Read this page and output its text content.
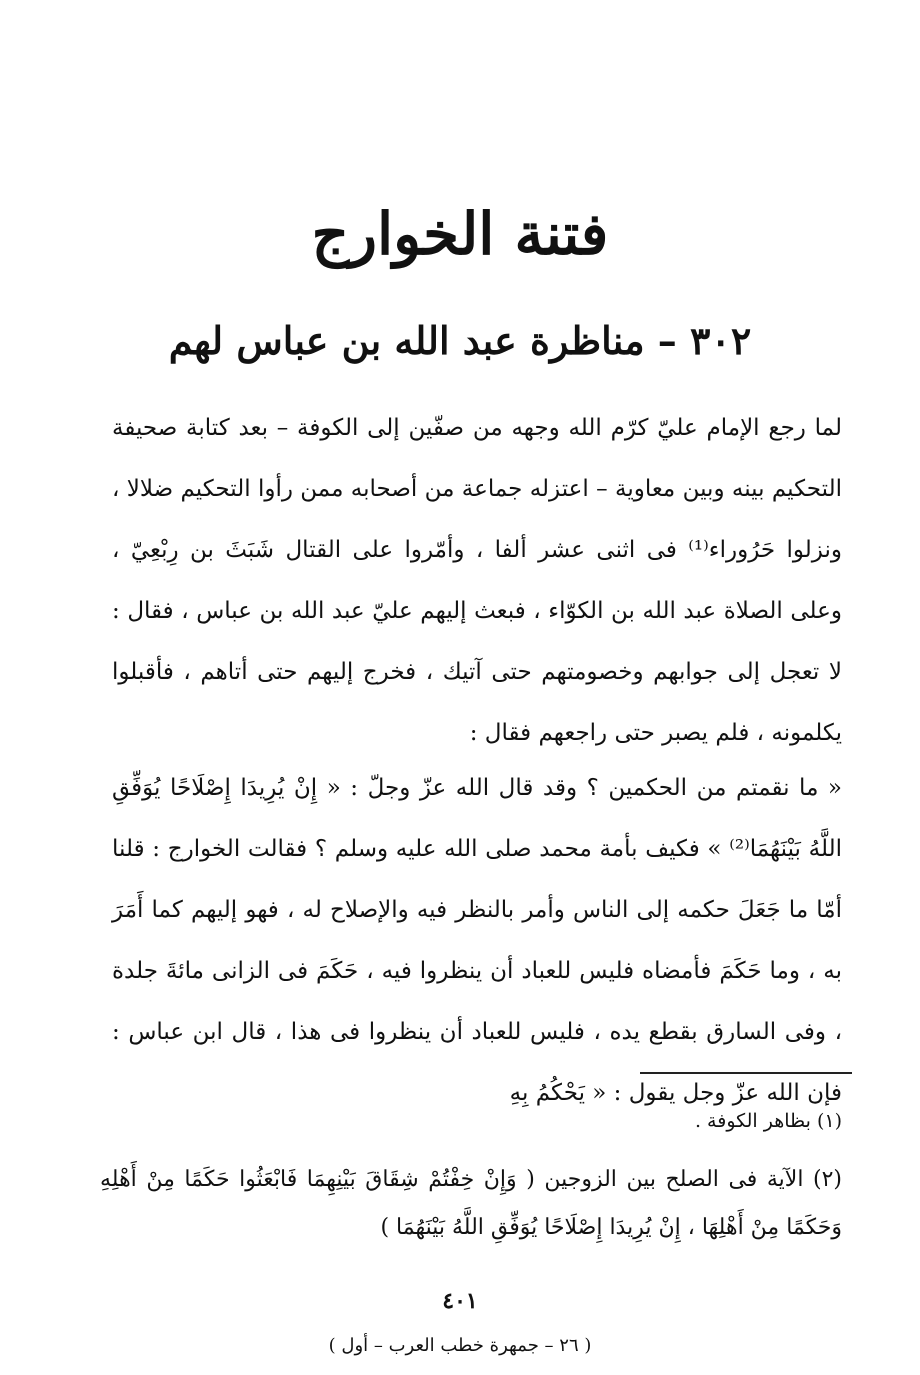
فتنة الخوارج
٣٠٢ – مناظرة عبد الله بن عباس لهم
لما رجع الإمام عليّ كرّم الله وجهه من صفّين إلى الكوفة – بعد كتابة صحيفة التحكيم بينه وبين معاوية – اعتزله جماعة من أصحابه ممن رأوا التحكيم ضلالا ، ونزلوا حَرُوراء⁽¹⁾ فى اثنى عشر ألفا ، وأمّروا على القتال شَبَثَ بن رِبْعِيّ ، وعلى الصلاة عبد الله بن الكوّاء ، فبعث إليهم عليّ عبد الله بن عباس ، فقال : لا تعجل إلى جوابهم وخصومتهم حتى آتيك ، فخرج إليهم حتى أتاهم ، فأقبلوا يكلمونه ، فلم يصبر حتى راجعهم فقال :
« ما نقمتم من الحكمين ؟ وقد قال الله عزّ وجلّ : « إِنْ يُرِيدَا إِصْلَاحًا يُوَفِّقِ اللَّهُ بَيْنَهُمَا⁽²⁾ » فكيف بأمة محمد صلى الله عليه وسلم ؟ فقالت الخوارج : قلنا أمّا ما جَعَلَ حكمه إلى الناس وأمر بالنظر فيه والإصلاح له ، فهو إليهم كما أَمَرَ به ، وما حَكَمَ فأمضاه فليس للعباد أن ينظروا فيه ، حَكَمَ فى الزانى مائةَ جلدة ، وفى السارق بقطع يده ، فليس للعباد أن ينظروا فى هذا ، قال ابن عباس : فإن الله عزّ وجل يقول : « يَحْكُمُ بِهِ
(١) بظاهر الكوفة .
(٢) الآية فى الصلح بين الزوجين ( وَإِنْ خِفْتُمْ شِقَاقَ بَيْنِهِمَا فَابْعَثُوا حَكَمًا مِنْ أَهْلِهِ وَحَكَمًا مِنْ أَهْلِهَا ، إِنْ يُرِيدَا إِصْلَاحًا يُوَفِّقِ اللَّهُ بَيْنَهُمَا )
٤٠١
( ٢٦ – جمهرة خطب العرب – أول )
